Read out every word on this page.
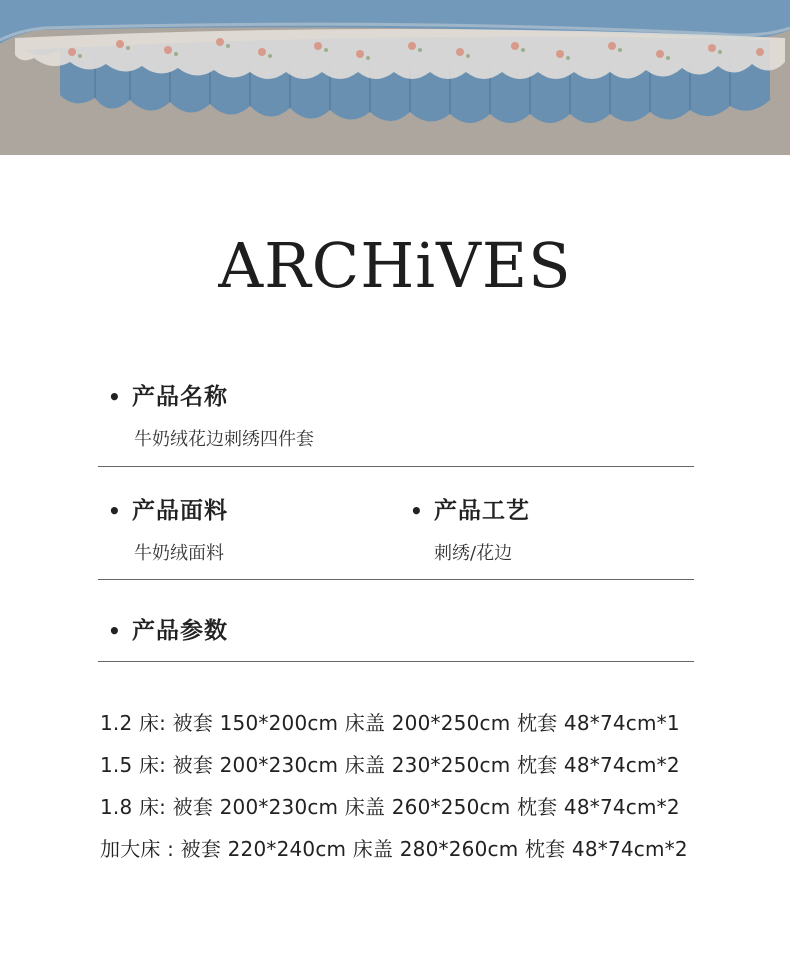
ARCHiVES
• 产品名称
牛奶绒花边刺绣四件套
• 产品面料
牛奶绒面料
• 产品工艺
刺绣/花边
• 产品参数
1.2 床: 被套 150*200cm 床盖 200*250cm 枕套 48*74cm*1
1.5 床: 被套 200*230cm 床盖 230*250cm 枕套 48*74cm*2
1.8 床: 被套 200*230cm 床盖 260*250cm 枕套 48*74cm*2
加大床 : 被套 220*240cm 床盖 280*260cm 枕套 48*74cm*2
